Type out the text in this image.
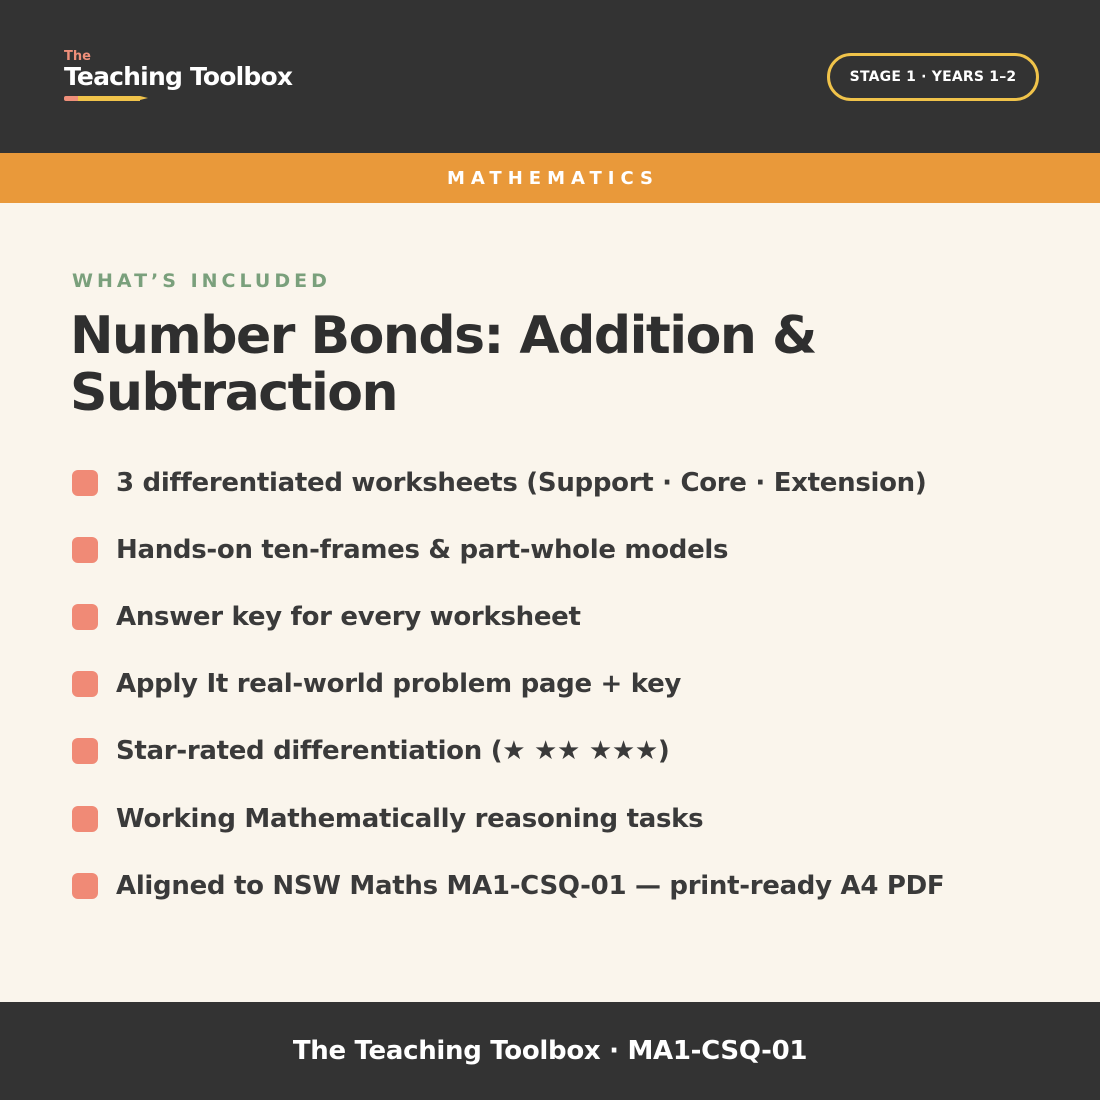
The
Teaching Toolbox	STAGE 1 · YEARS 1–2
MATHEMATICS
WHAT’S INCLUDED
Number Bonds: Addition & Subtraction
3 differentiated worksheets (Support · Core · Extension)
Hands-on ten-frames & part-whole models
Answer key for every worksheet
Apply It real-world problem page + key
Star-rated differentiation (★ ★★ ★★★)
Working Mathematically reasoning tasks
Aligned to NSW Maths MA1-CSQ-01 — print-ready A4 PDF
The Teaching Toolbox · MA1-CSQ-01
